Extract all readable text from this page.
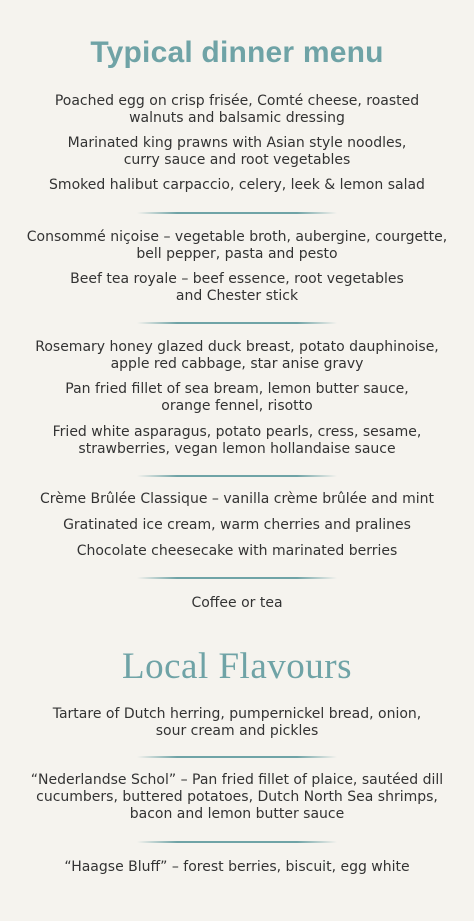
Typical dinner menu
Poached egg on crisp frisée, Comté cheese, roasted
walnuts and balsamic dressing
Marinated king prawns with Asian style noodles,
curry sauce and root vegetables
Smoked halibut carpaccio, celery, leek & lemon salad
Consommé niçoise – vegetable broth, aubergine, courgette,
bell pepper, pasta and pesto
Beef tea royale – beef essence, root vegetables
and Chester stick
Rosemary honey glazed duck breast, potato dauphinoise,
apple red cabbage, star anise gravy
Pan fried fillet of sea bream, lemon butter sauce,
orange fennel, risotto
Fried white asparagus, potato pearls, cress, sesame,
strawberries, vegan lemon hollandaise sauce
Crème Brûlée Classique – vanilla crème brûlée and mint
Gratinated ice cream, warm cherries and pralines
Chocolate cheesecake with marinated berries
Coffee or tea
Local Flavours
Tartare of Dutch herring, pumpernickel bread, onion,
sour cream and pickles
“Nederlandse Schol” – Pan fried fillet of plaice, sautéed dill
cucumbers, buttered potatoes, Dutch North Sea shrimps,
bacon and lemon butter sauce
“Haagse Bluff” – forest berries, biscuit, egg white
